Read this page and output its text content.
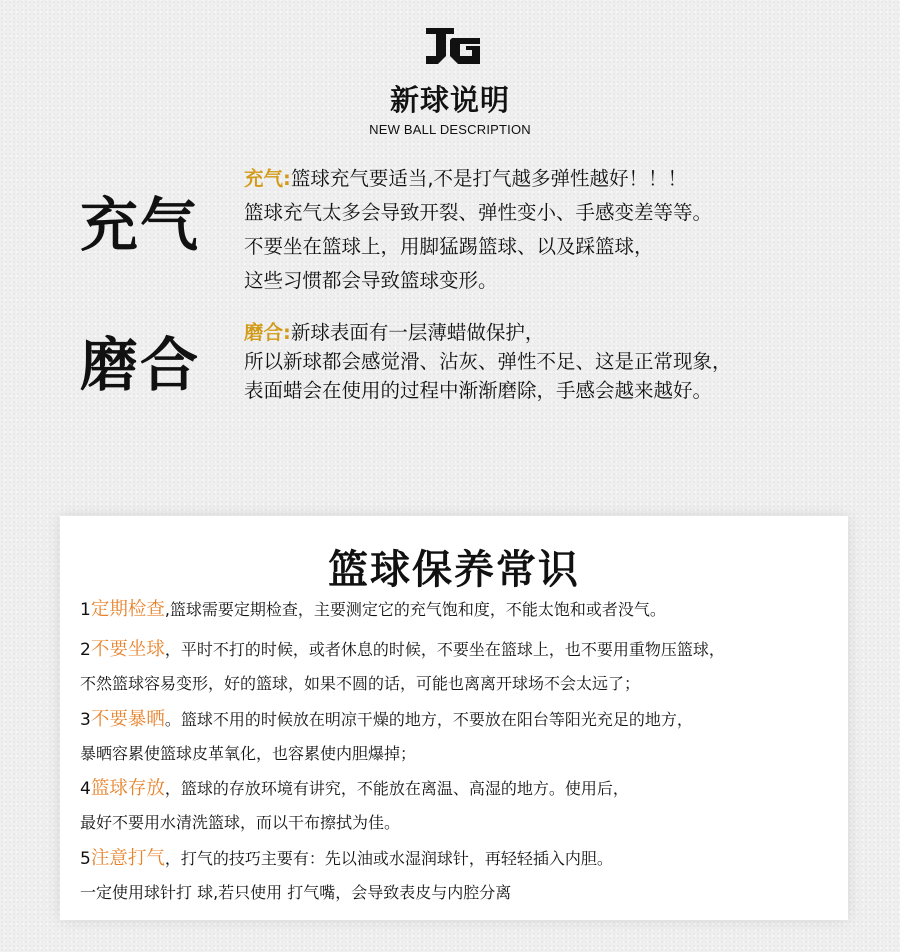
新球说明
NEW BALL DESCRIPTION
充气
充气:篮球充气要适当,不是打气越多弹性越好！！！
篮球充气太多会导致开裂、弹性变小、手感变差等等。
不要坐在篮球上，用脚猛踢篮球、以及踩篮球，
这些习惯都会导致篮球变形。
磨合 磨合:新球表面有一层薄蜡做保护，
所以新球都会感觉滑、沾灰、弹性不足、这是正常现象，
表面蜡会在使用的过程中渐渐磨除，手感会越来越好。
篮球保养常识
1定期检查,篮球需要定期检查，主要测定它的充气饱和度，不能太饱和或者没气。
2不要坐球，平时不打的时候，或者休息的时候，不要坐在篮球上，也不要用重物压篮球，
不然篮球容易变形，好的篮球，如果不圆的话，可能也离离开球场不会太远了；
3不要暴晒。篮球不用的时候放在明凉干燥的地方，不要放在阳台等阳光充足的地方，
暴晒容累使篮球皮革氧化，也容累使内胆爆掉；
4篮球存放，篮球的存放环境有讲究，不能放在离温、高湿的地方。使用后，
最好不要用水清洗篮球，而以干布擦拭为佳。
5注意打气，打气的技巧主要有：先以油或水湿润球针，再轻轻插入内胆。
一定使用球针打 球,若只使用 打气嘴，会导致表皮与内腔分离
